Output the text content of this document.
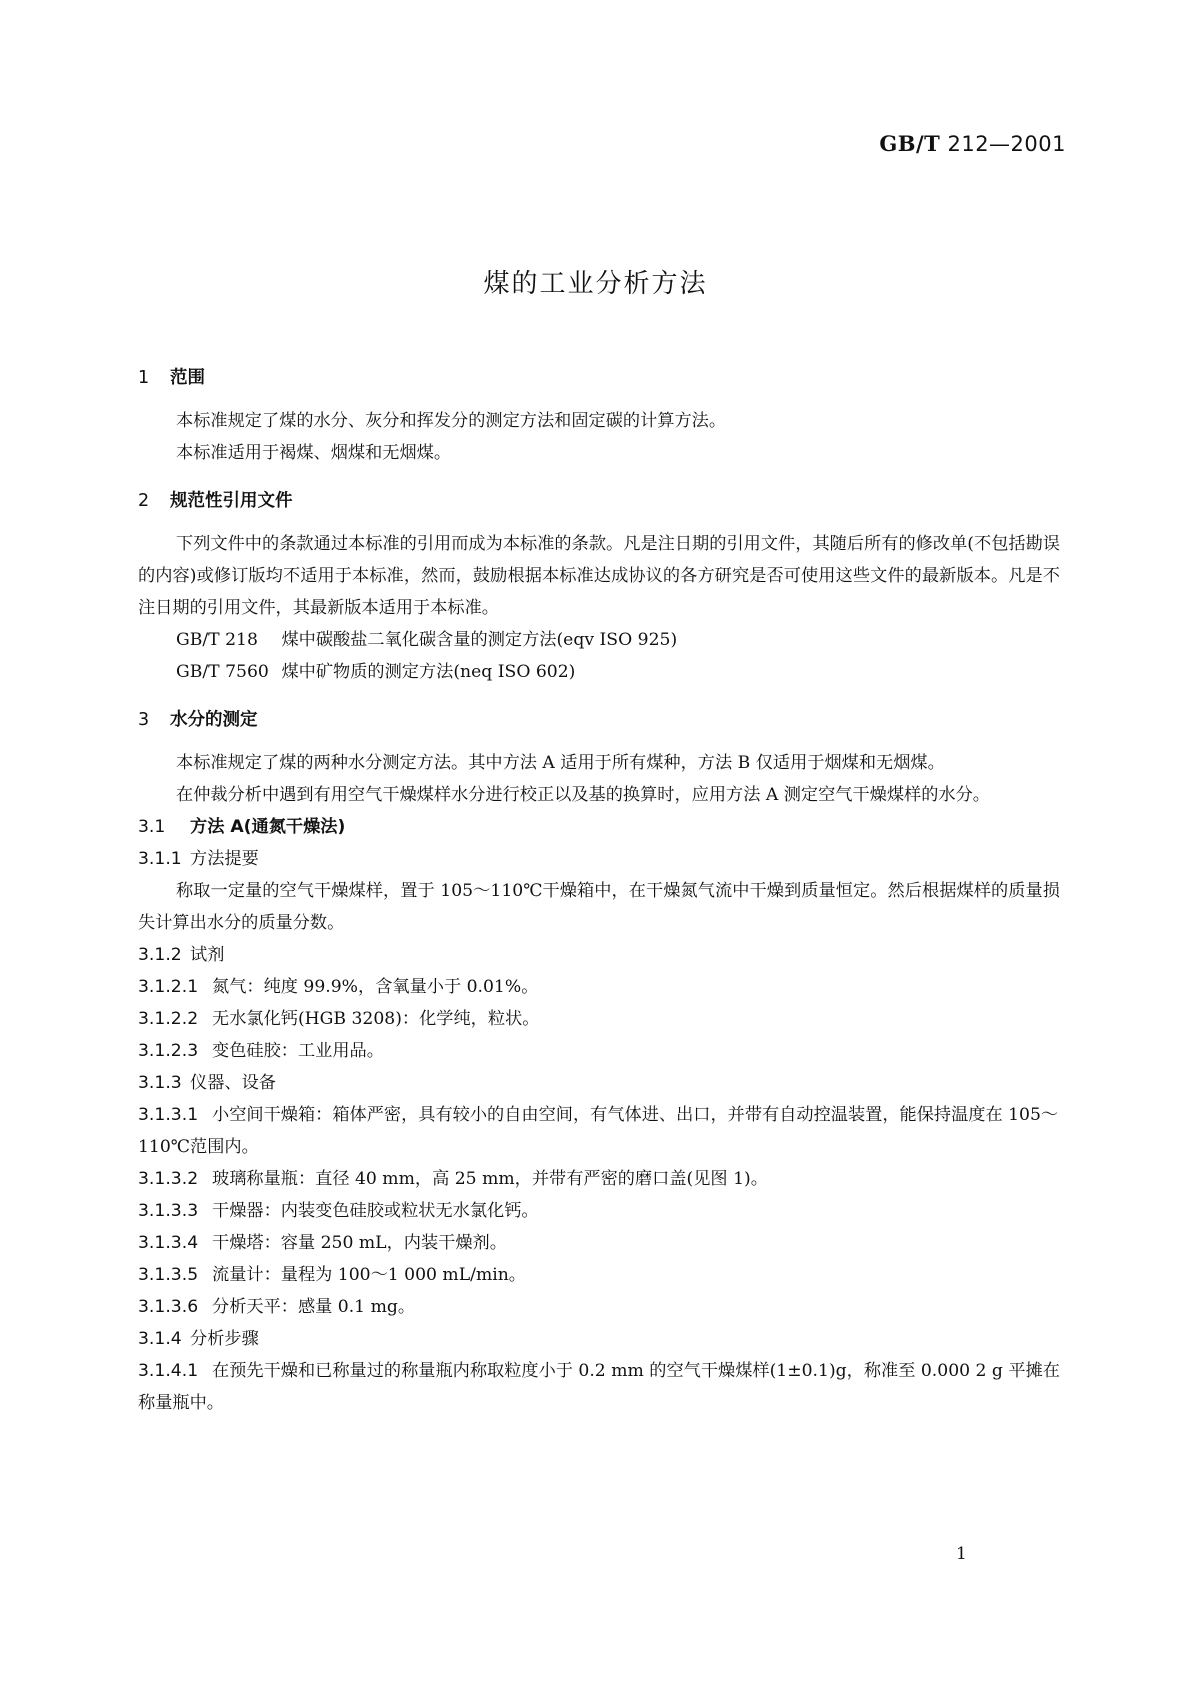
GB/T 212—2001
煤的工业分析方法
1 范围

本标准规定了煤的水分、灰分和挥发分的测定方法和固定碳的计算方法。

本标准适用于褐煤、烟煤和无烟煤。

2 规范性引用文件

下列文件中的条款通过本标准的引用而成为本标准的条款。凡是注日期的引用文件，其随后所有的修改单(不包括勘误的内容)或修订版均不适用于本标准，然而，鼓励根据本标准达成协议的各方研究是否可使用这些文件的最新版本。凡是不注日期的引用文件，其最新版本适用于本标准。

GB/T 218 煤中碳酸盐二氧化碳含量的测定方法(eqv ISO 925)

GB/T 7560 煤中矿物质的测定方法(neq ISO 602)

3 水分的测定

本标准规定了煤的两种水分测定方法。其中方法 A 适用于所有煤种，方法 B 仅适用于烟煤和无烟煤。

在仲裁分析中遇到有用空气干燥煤样水分进行校正以及基的换算时，应用方法 A 测定空气干燥煤样的水分。

3.1 方法 A(通氮干燥法)

3.1.1 方法提要

称取一定量的空气干燥煤样，置于 105～110℃干燥箱中，在干燥氮气流中干燥到质量恒定。然后根据煤样的质量损失计算出水分的质量分数。

3.1.2 试剂

3.1.2.1 氮气：纯度 99.9%，含氧量小于 0.01%。

3.1.2.2 无水氯化钙(HGB 3208)：化学纯，粒状。

3.1.2.3 变色硅胶：工业用品。

3.1.3 仪器、设备

3.1.3.1 小空间干燥箱：箱体严密，具有较小的自由空间，有气体进、出口，并带有自动控温装置，能保持温度在 105～110℃范围内。

3.1.3.2 玻璃称量瓶：直径 40 mm，高 25 mm，并带有严密的磨口盖(见图 1)。

3.1.3.3 干燥器：内装变色硅胶或粒状无水氯化钙。

3.1.3.4 干燥塔：容量 250 mL，内装干燥剂。

3.1.3.5 流量计：量程为 100～1 000 mL/min。

3.1.3.6 分析天平：感量 0.1 mg。

3.1.4 分析步骤

3.1.4.1 在预先干燥和已称量过的称量瓶内称取粒度小于 0.2 mm 的空气干燥煤样(1±0.1)g，称准至 0.000 2 g 平摊在称量瓶中。

1
